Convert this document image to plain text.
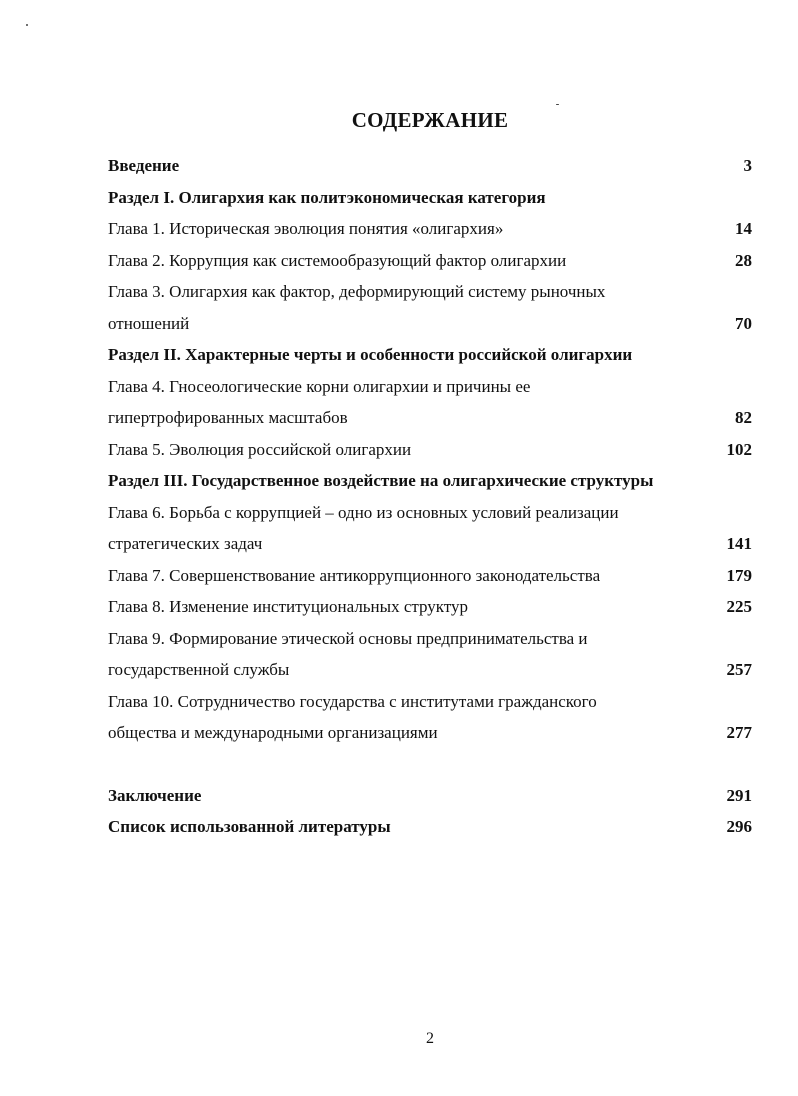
СОДЕРЖАНИЕ
Введение	3
Раздел I. Олигархия как политэкономическая категория
Глава 1. Историческая эволюция понятия «олигархия»	14
Глава 2. Коррупция как системообразующий фактор олигархии	28
Глава 3. Олигархия как фактор, деформирующий систему рыночных
отношений	70
Раздел II. Характерные черты и особенности российской олигархии
Глава 4. Гносеологические корни олигархии и причины ее
гипертрофированных масштабов	82
Глава 5. Эволюция российской олигархии	102
Раздел III. Государственное воздействие на олигархические структуры
Глава 6. Борьба с коррупцией – одно из основных условий реализации
стратегических задач	141
Глава 7. Совершенствование антикоррупционного законодательства	179
Глава 8. Изменение институциональных структур	225
Глава 9. Формирование этической основы предпринимательства и
государственной службы	257
Глава 10. Сотрудничество государства с институтами гражданского
общества и международными организациями	277
Заключение	291
Список использованной литературы	296
2
